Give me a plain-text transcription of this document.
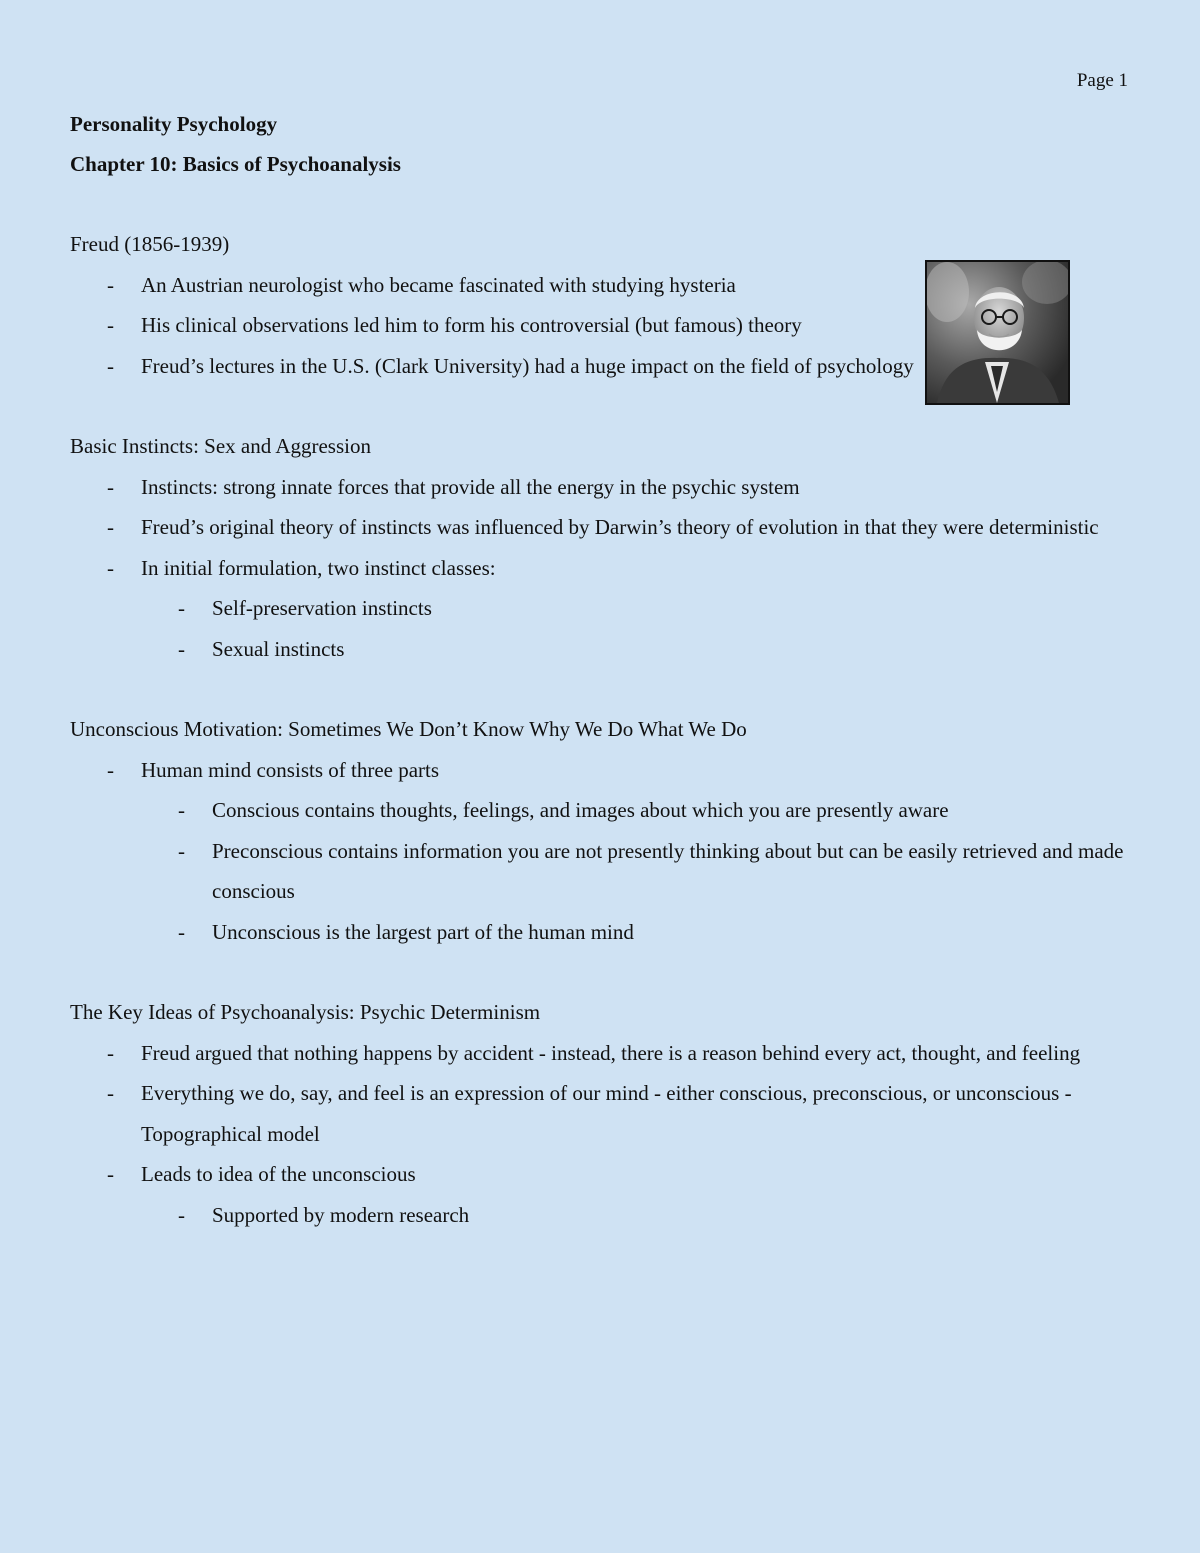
Page 1

Personality Psychology

Chapter 10: Basics of Psychoanalysis

Freud (1856-1939)

- An Austrian neurologist who became fascinated with studying hysteria
- His clinical observations led him to form his controversial (but famous) theory
- Freud’s lectures in the U.S. (Clark University) had a huge impact on the field of psychology

Basic Instincts: Sex and Aggression

- Instincts: strong innate forces that provide all the energy in the psychic system
- Freud’s original theory of instincts was influenced by Darwin’s theory of evolution in that they were deterministic
- In initial formulation, two instinct classes:
- Self-preservation instincts
- Sexual instincts

Unconscious Motivation: Sometimes We Don’t Know Why We Do What We Do

- Human mind consists of three parts
- Conscious contains thoughts, feelings, and images about which you are presently aware
- Preconscious contains information you are not presently thinking about but can be easily retrieved and made conscious
- Unconscious is the largest part of the human mind

The Key Ideas of Psychoanalysis: Psychic Determinism

- Freud argued that nothing happens by accident - instead, there is a reason behind every act, thought, and feeling
- Everything we do, say, and feel is an expression of our mind - either conscious, preconscious, or unconscious - Topographical model
- Leads to idea of the unconscious
- Supported by modern research
